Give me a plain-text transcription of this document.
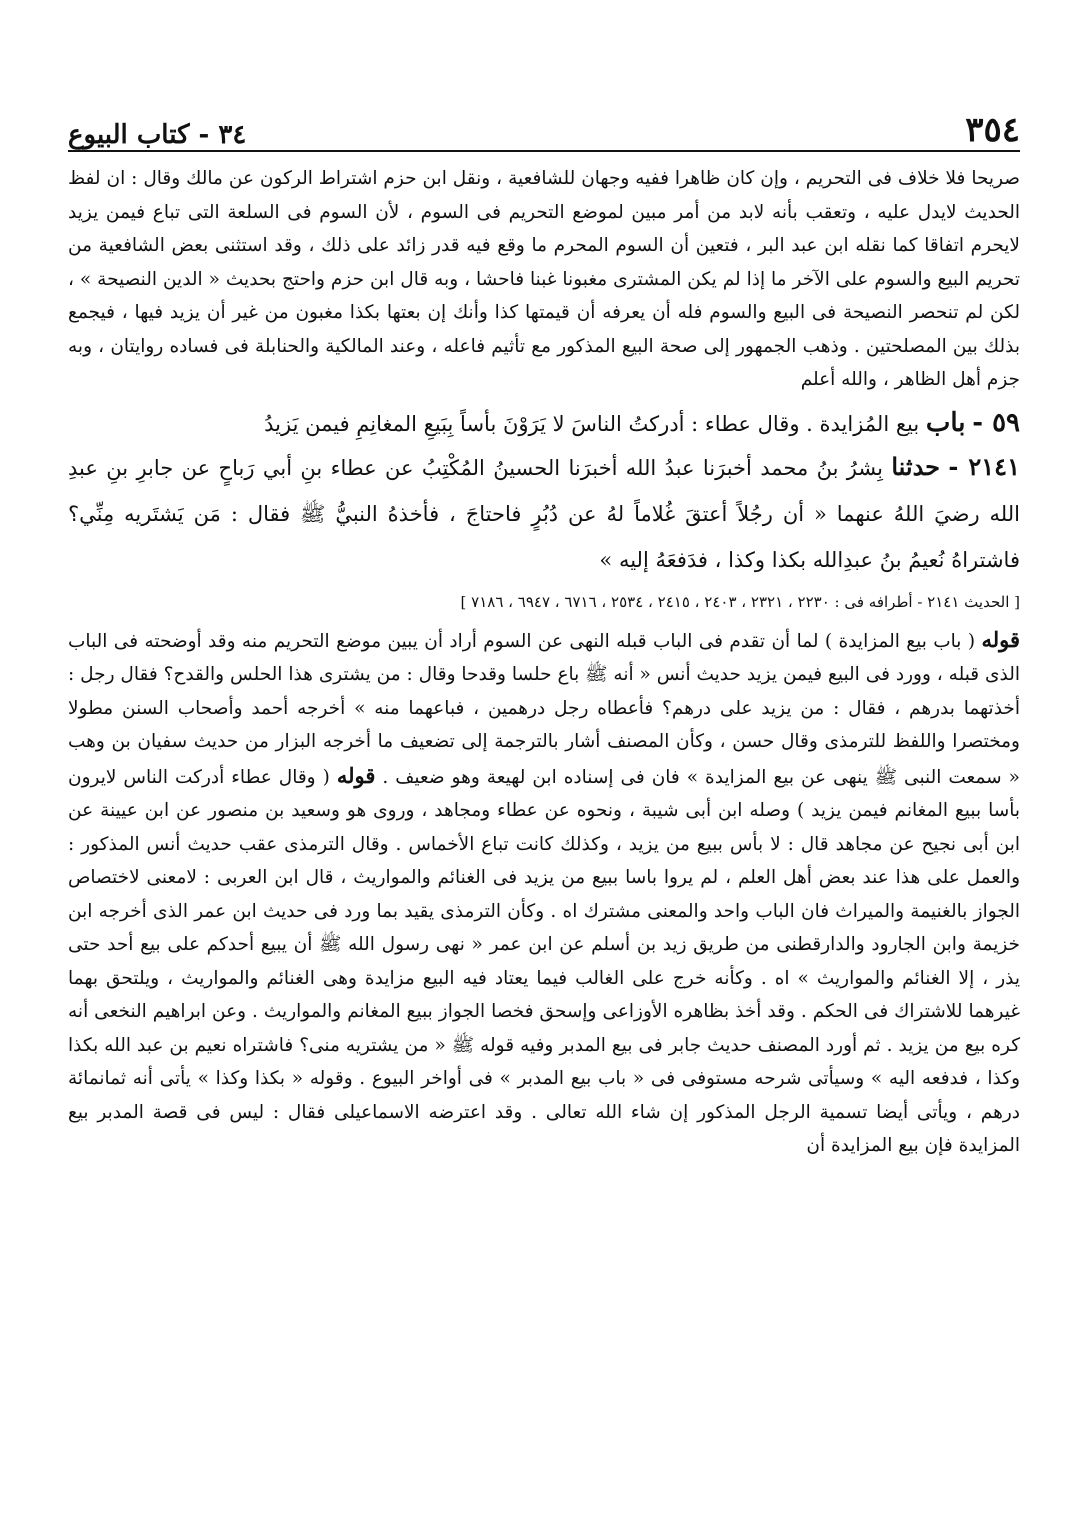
٣٥٤
٣٤ - كتاب البيوع

صريحا فلا خلاف فى التحريم ، وإن كان ظاهرا ففيه وجهان للشافعية ، ونقل ابن حزم اشتراط الركون عن مالك وقال : ان لفظ الحديث لايدل عليه ، وتعقب بأنه لابد من أمر مبين لموضع التحريم فى السوم ، لأن السوم فى السلعة التى تباع فيمن يزيد لايحرم اتفاقا كما نقله ابن عبد البر ، فتعين أن السوم المحرم ما وقع فيه قدر زائد على ذلك ، وقد استثنى بعض الشافعية من تحريم البيع والسوم على الآخر ما إذا لم يكن المشترى مغبونا غبنا فاحشا ، وبه قال ابن حزم واحتج بحديث « الدين النصيحة » ، لكن لم تنحصر النصيحة فى البيع والسوم فله أن يعرفه أن قيمتها كذا وأنك إن بعتها بكذا مغبون من غير أن يزيد فيها ، فيجمع بذلك بين المصلحتين . وذهب الجمهور إلى صحة البيع المذكور مع تأثيم فاعله ، وعند المالكية والحنابلة فى فساده روايتان ، وبه جزم أهل الظاهر ، والله أعلم

٥٩ - باب بيع المُزايدة . وقال عطاء : أدركتُ الناسَ لا يَرَوْنَ بأساً بِبَيعِ المغانِمِ فيمن يَزيدُ

٢١٤١ - حدثنا بِشرُ بنُ محمد أخبرَنا عبدُ الله أخبرَنا الحسينُ المُكْتِبُ عن عطاء بنِ أبي رَباحٍ عن جابرِ بنِ عبدِ الله رضيَ اللهُ عنهما « أن رجُلاً أعتقَ غُلاماً لهُ عن دُبُرٍ فاحتاجَ ، فأخذهُ النبيُّ ﷺ فقال : مَن يَشتَريه مِنِّي؟ فاشتراهُ نُعيمُ بنُ عبدِالله بكذا وكذا ، فدَفعَهُ إليه »

[ الحديث ٢١٤١ - أطرافه فى : ٢٢٣٠ ، ٢٣٢١ ، ٢٤٠٣ ، ٢٤١٥ ، ٢٥٣٤ ، ٦٧١٦ ، ٦٩٤٧ ، ٧١٨٦ ]

قوله ( باب بيع المزايدة ) لما أن تقدم فى الباب قبله النهى عن السوم أراد أن يبين موضع التحريم منه وقد أوضحته فى الباب الذى قبله ، وورد فى البيع فيمن يزيد حديث أنس « أنه ﷺ باع حلسا وقدحا وقال : من يشترى هذا الحلس والقدح؟ فقال رجل : أخذتهما بدرهم ، فقال : من يزيد على درهم؟ فأعطاه رجل درهمين ، فباعهما منه » أخرجه أحمد وأصحاب السنن مطولا ومختصرا واللفظ للترمذى وقال حسن ، وكأن المصنف أشار بالترجمة إلى تضعيف ما أخرجه البزار من حديث سفيان بن وهب « سمعت النبى ﷺ ينهى عن بيع المزايدة » فان فى إسناده ابن لهيعة وهو ضعيف . قوله ( وقال عطاء أدركت الناس لايرون بأسا ببيع المغانم فيمن يزيد ) وصله ابن أبى شيبة ، ونحوه عن عطاء ومجاهد ، وروى هو وسعيد بن منصور عن ابن عيينة عن ابن أبى نجيح عن مجاهد قال : لا بأس ببيع من يزيد ، وكذلك كانت تباع الأخماس . وقال الترمذى عقب حديث أنس المذكور : والعمل على هذا عند بعض أهل العلم ، لم يروا باسا ببيع من يزيد فى الغنائم والمواريث ، قال ابن العربى : لامعنى لاختصاص الجواز بالغنيمة والميراث فان الباب واحد والمعنى مشترك اه . وكأن الترمذى يقيد بما ورد فى حديث ابن عمر الذى أخرجه ابن خزيمة وابن الجارود والدارقطنى من طريق زيد بن أسلم عن ابن عمر « نهى رسول الله ﷺ أن يبيع أحدكم على بيع أحد حتى يذر ، إلا الغنائم والمواريث » اه . وكأنه خرج على الغالب فيما يعتاد فيه البيع مزايدة وهى الغنائم والمواريث ، ويلتحق بهما غيرهما للاشتراك فى الحكم . وقد أخذ بظاهره الأوزاعى وإسحق فخصا الجواز ببيع المغانم والمواريث . وعن ابراهيم النخعى أنه كره بيع من يزيد . ثم أورد المصنف حديث جابر فى بيع المدبر وفيه قوله ﷺ « من يشتريه منى؟ فاشتراه نعيم بن عبد الله بكذا وكذا ، فدفعه اليه » وسيأتى شرحه مستوفى فى « باب بيع المدبر » فى أواخر البيوع . وقوله « بكذا وكذا » يأتى أنه ثمانمائة درهم ، ويأتى أيضا تسمية الرجل المذكور إن شاء الله تعالى . وقد اعترضه الاسماعيلى فقال : ليس فى قصة المدبر بيع المزايدة فإن بيع المزايدة أن
